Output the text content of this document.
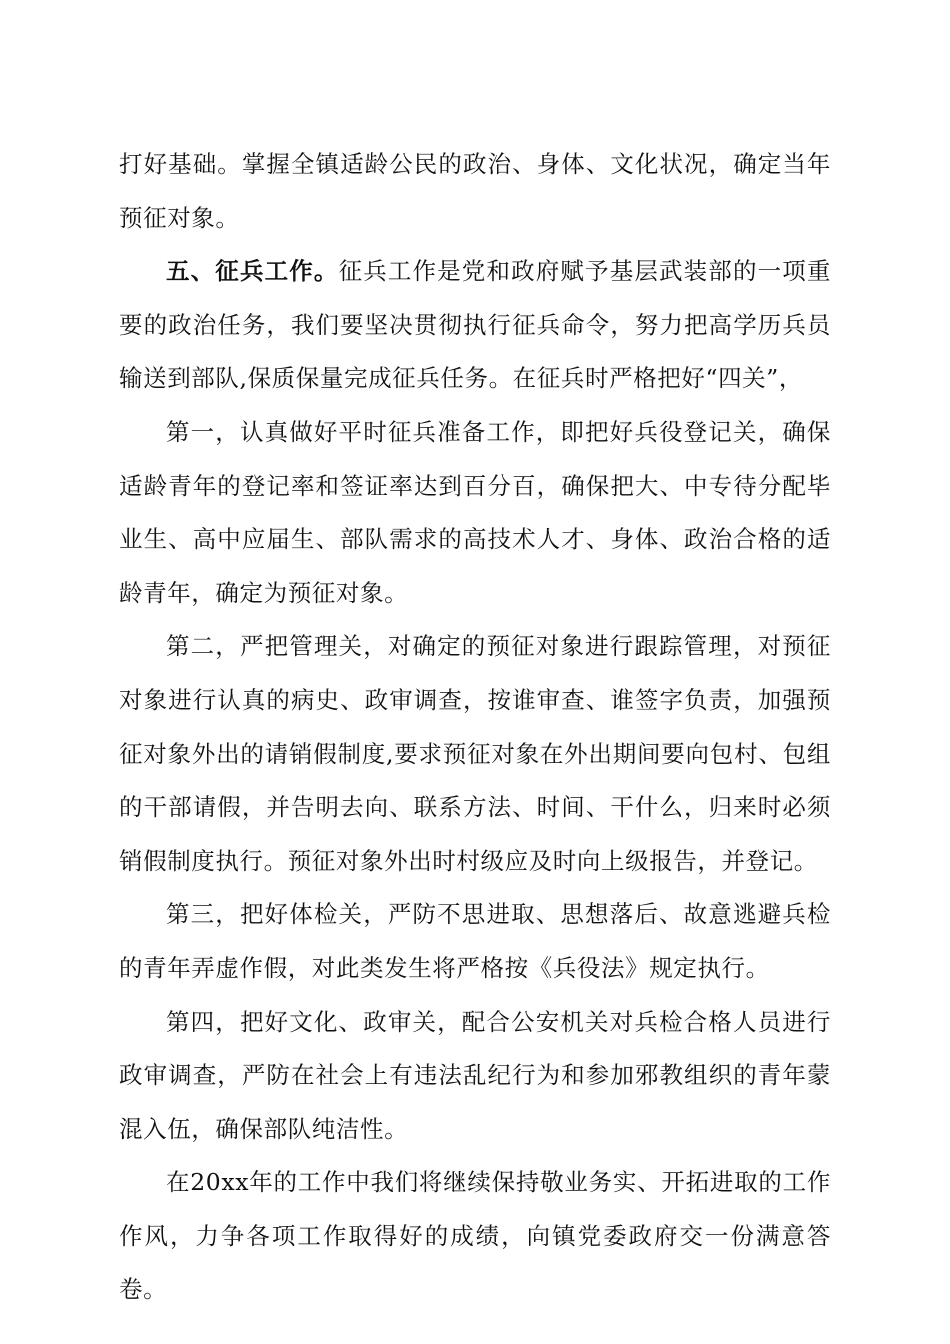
打好基础。掌握全镇适龄公民的政治、身体、文化状况，确定当年预征对象。

五、征兵工作。征兵工作是党和政府赋予基层武装部的一项重要的政治任务，我们要坚决贯彻执行征兵命令，努力把高学历兵员输送到部队,保质保量完成征兵任务。在征兵时严格把好“四关”，

第一，认真做好平时征兵准备工作，即把好兵役登记关，确保适龄青年的登记率和签证率达到百分百，确保把大、中专待分配毕业生、高中应届生、部队需求的高技术人才、身体、政治合格的适龄青年，确定为预征对象。

第二，严把管理关，对确定的预征对象进行跟踪管理，对预征对象进行认真的病史、政审调查，按谁审查、谁签字负责，加强预征对象外出的请销假制度,要求预征对象在外出期间要向包村、包组的干部请假，并告明去向、联系方法、时间、干什么，归来时必须销假制度执行。预征对象外出时村级应及时向上级报告，并登记。

第三，把好体检关，严防不思进取、思想落后、故意逃避兵检的青年弄虚作假，对此类发生将严格按《兵役法》规定执行。

第四，把好文化、政审关，配合公安机关对兵检合格人员进行政审调查，严防在社会上有违法乱纪行为和参加邪教组织的青年蒙混入伍，确保部队纯洁性。

在20xx年的工作中我们将继续保持敬业务实、开拓进取的工作作风，力争各项工作取得好的成绩，向镇党委政府交一份满意答卷。
